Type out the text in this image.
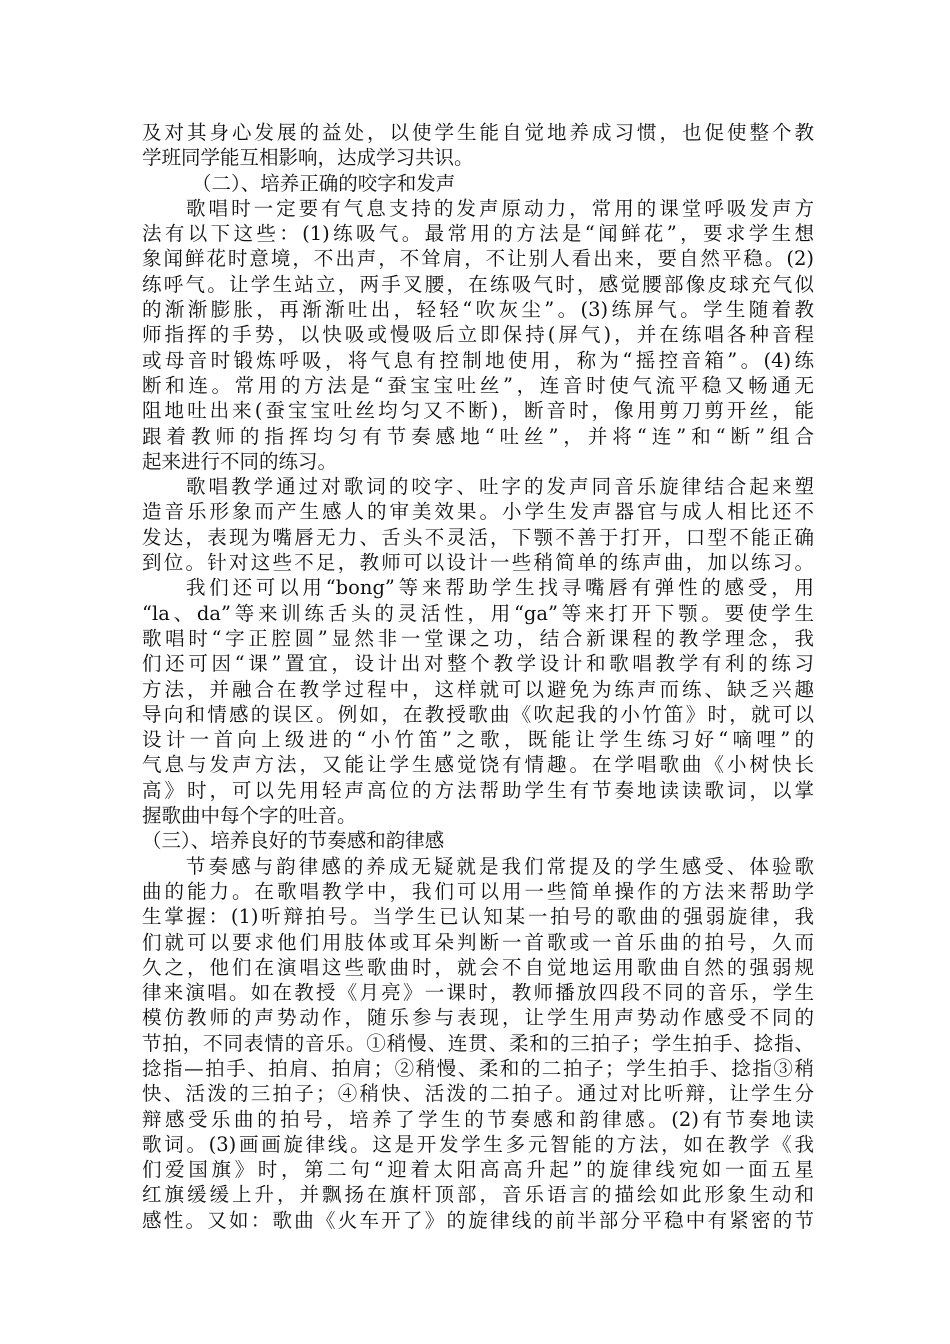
及对其身心发展的益处，以使学生能自觉地养成习惯，也促使整个教
学班同学能互相影响，达成学习共识。
（二）、培养正确的咬字和发声
歌唱时一定要有气息支持的发声原动力，常用的课堂呼吸发声方
法有以下这些：(1)练吸气。最常用的方法是“闻鲜花”，要求学生想
象闻鲜花时意境，不出声，不耸肩，不让别人看出来，要自然平稳。(2)
练呼气。让学生站立，两手叉腰，在练吸气时，感觉腰部像皮球充气似
的渐渐膨胀，再渐渐吐出，轻轻“吹灰尘”。(3)练屏气。学生随着教
师指挥的手势，以快吸或慢吸后立即保持(屏气)，并在练唱各种音程
或母音时锻炼呼吸，将气息有控制地使用，称为“摇控音箱”。(4)练
断和连。常用的方法是“蚕宝宝吐丝”，连音时使气流平稳又畅通无
阻地吐出来(蚕宝宝吐丝均匀又不断)，断音时，像用剪刀剪开丝，能
跟着教师的指挥均匀有节奏感地“吐丝”，并将“连”和“断”组合
起来进行不同的练习。
歌唱教学通过对歌词的咬字、吐字的发声同音乐旋律结合起来塑
造音乐形象而产生感人的审美效果。小学生发声器官与成人相比还不
发达，表现为嘴唇无力、舌头不灵活，下颚不善于打开，口型不能正确
到位。针对这些不足，教师可以设计一些稍简单的练声曲，加以练习。
我们还可以用“bong”等来帮助学生找寻嘴唇有弹性的感受，用
“la、da”等来训练舌头的灵活性，用“ga”等来打开下颚。要使学生
歌唱时“字正腔圆”显然非一堂课之功，结合新课程的教学理念，我
们还可因“课”置宜，设计出对整个教学设计和歌唱教学有利的练习
方法，并融合在教学过程中，这样就可以避免为练声而练、缺乏兴趣
导向和情感的误区。例如，在教授歌曲《吹起我的小竹笛》时，就可以
设计一首向上级进的“小竹笛”之歌，既能让学生练习好“嘀哩”的
气息与发声方法，又能让学生感觉饶有情趣。在学唱歌曲《小树快长
高》时，可以先用轻声高位的方法帮助学生有节奏地读读歌词，以掌
握歌曲中每个字的吐音。
（三）、培养良好的节奏感和韵律感
节奏感与韵律感的养成无疑就是我们常提及的学生感受、体验歌
曲的能力。在歌唱教学中，我们可以用一些简单操作的方法来帮助学
生掌握：(1)听辩拍号。当学生已认知某一拍号的歌曲的强弱旋律，我
们就可以要求他们用肢体或耳朵判断一首歌或一首乐曲的拍号，久而
久之，他们在演唱这些歌曲时，就会不自觉地运用歌曲自然的强弱规
律来演唱。如在教授《月亮》一课时，教师播放四段不同的音乐，学生
模仿教师的声势动作，随乐参与表现，让学生用声势动作感受不同的
节拍，不同表情的音乐。①稍慢、连贯、柔和的三拍子；学生拍手、捻指、
捻指—拍手、拍肩、拍肩；②稍慢、柔和的二拍子；学生拍手、捻指③稍
快、活泼的三拍子；④稍快、活泼的二拍子。通过对比听辩，让学生分
辩感受乐曲的拍号，培养了学生的节奏感和韵律感。(2)有节奏地读
歌词。(3)画画旋律线。这是开发学生多元智能的方法，如在教学《我
们爱国旗》时，第二句“迎着太阳高高升起”的旋律线宛如一面五星
红旗缓缓上升，并飘扬在旗杆顶部，音乐语言的描绘如此形象生动和
感性。又如：歌曲《火车开了》的旋律线的前半部分平稳中有紧密的节
